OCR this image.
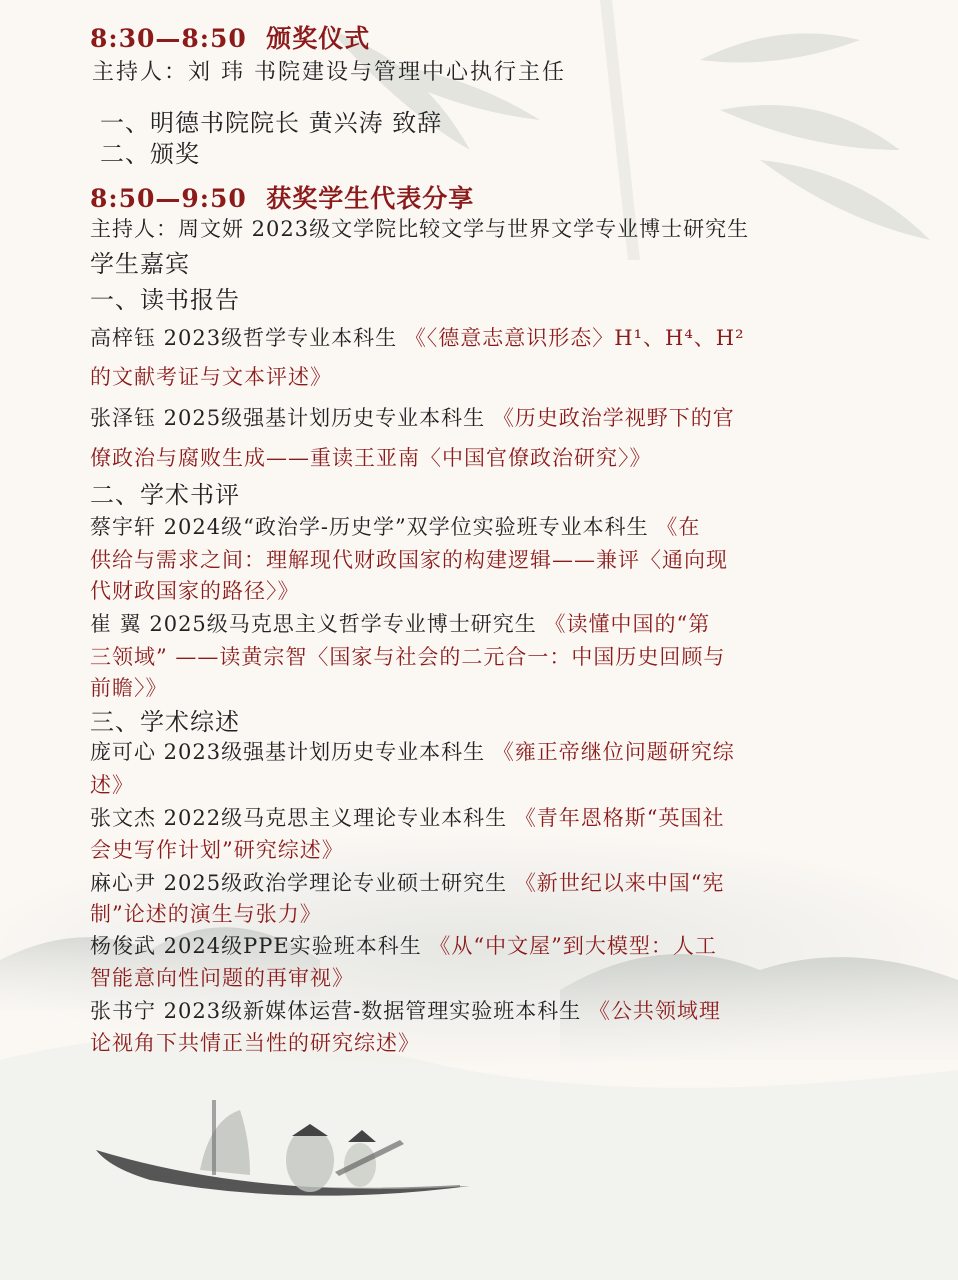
8:30—8:50 颁奖仪式
主持人：刘 玮 书院建设与管理中心执行主任
一、明德书院院长 黄兴涛 致辞
二、颁奖
8:50—9:50 获奖学生代表分享
主持人：周文妍 2023级文学院比较文学与世界文学专业博士研究生
学生嘉宾
一、读书报告
高梓钰 2023级哲学专业本科生 《〈德意志意识形态〉H¹、H⁴、H²
的文献考证与文本评述》
张泽钰 2025级强基计划历史专业本科生 《历史政治学视野下的官
僚政治与腐败生成——重读王亚南〈中国官僚政治研究〉》
二、学术书评
蔡宇轩 2024级“政治学-历史学”双学位实验班专业本科生 《在
供给与需求之间：理解现代财政国家的构建逻辑——兼评〈通向现
代财政国家的路径〉》
崔 翼 2025级马克思主义哲学专业博士研究生 《读懂中国的“第
三领域” ——读黄宗智〈国家与社会的二元合一：中国历史回顾与
前瞻〉》
三、学术综述
庞可心 2023级强基计划历史专业本科生 《雍正帝继位问题研究综
述》
张文杰 2022级马克思主义理论专业本科生 《青年恩格斯“英国社
会史写作计划”研究综述》
麻心尹 2025级政治学理论专业硕士研究生 《新世纪以来中国“宪
制”论述的演生与张力》
杨俊武 2024级PPE实验班本科生 《从“中文屋”到大模型：人工
智能意向性问题的再审视》
张书宁 2023级新媒体运营-数据管理实验班本科生 《公共领域理
论视角下共情正当性的研究综述》
